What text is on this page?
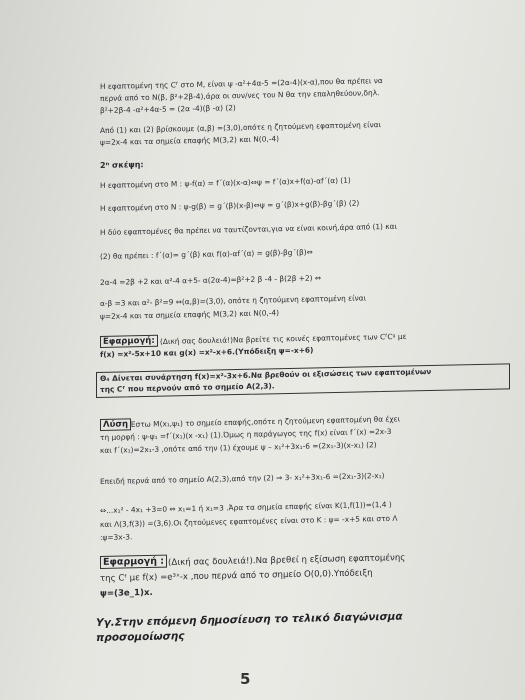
Η εφαπτομένη της Cᶠ στο Μ, είναι ψ -α²+4α-5 =(2α-4)(x-α),που θα πρέπει να
περνά από το Ν(β, β²+2β-4),άρα οι συν/νες του Ν θα την επαληθεύουν,δηλ.
β²+2β-4 -α²+4α-5 = (2α -4)(β -α) (2)
Από (1) και (2) βρίσκουμε (α,β) =(3,0),οπότε η ζητούμενη εφαπτομένη είναι
ψ=2x-4 και τα σημεία επαφής Μ(3,2) και Ν(0,-4)
2ⁿ σκέψη:
Η εφαπτομένη στο Μ : ψ-f(α) = f΄(α)(x-α)⇔ψ = f΄(α)x+f(α)-αf΄(α) (1)
Η εφαπτομένη στο Ν : ψ-g(β) = g΄(β)(x-β)⇔ψ = g΄(β)x+g(β)-βg΄(β) (2)
Η δύο εφαπτομένες θα πρέπει να ταυτίζονται,για να είναι κοινή,άρα από (1) και
(2) θα πρέπει : f΄(α)= g΄(β) και f(α)-αf΄(α) = g(β)-βg΄(β)⇔
2α-4 =2β +2 και α²-4 α+5- α(2α-4)=β²+2 β -4 - β(2β +2) ⇔
α-β =3 και α²- β²=9 ⇔(α,β)=(3,0), οπότε η ζητούμενη εφαπτομένη είναι
ψ=2x-4 και τα σημεία επαφής Μ(3,2) και Ν(0,-4)
Εφαρμογή: (Δική σας δουλειά!)Να βρείτε τις κοινές εφαπτομένες των CᶠCᵍ με
f(x) =x²-5x+10 και g(x) =x²-x+6.(Υπόδειξη ψ=-x+6)
Θ₄ Δίνεται συνάρτηση f(x)=x²-3x+6.Να βρεθούν οι εξισώσεις των εφαπτομένων
της Cᶠ που περνούν από το σημείο Α(2,3).
Λύση Έστω Μ(x₁,ψ₁) το σημείο επαφής,οπότε η ζητούμενη εφαπτομένη θα έχει
τη μορφή : ψ-ψ₁ =f΄(x₁)(x -x₁) (1).Όμως η παράγωγος της f(x) είναι f΄(x) =2x-3
και f΄(x₁)=2x₁-3 ,οπότε από την (1) έχουμε ψ – x₁²+3x₁-6 =(2x₁-3)(x-x₁) (2)
Επειδή περνά από το σημείο Α(2,3),από την (2) ⇒ 3- x₁²+3x₁-6 =(2x₁-3)(2-x₁)
⇔...x₁² - 4x₁ +3=0 ⇔ x₁=1 ή x₁=3 .Άρα τα σημεία επαφής είναι Κ(1,f(1))=(1,4 )
και Λ(3,f(3)) =(3,6).Οι ζητούμενες εφαπτομένες είναι στο Κ : ψ= -x+5 και στο Λ
:ψ=3x-3.
Εφαρμογή : (Δική σας δουλειά!).Να βρεθεί η εξίσωση εφαπτομένης
της Cᶠ με f(x) =e³ˣ-x ,που περνά από το σημείο Ο(0,0).Υπόδειξη
ψ=(3e_1)x.
Υγ.Στην επόμενη δημοσίευση το τελικό διαγώνισμα
προσομοίωσης
5
